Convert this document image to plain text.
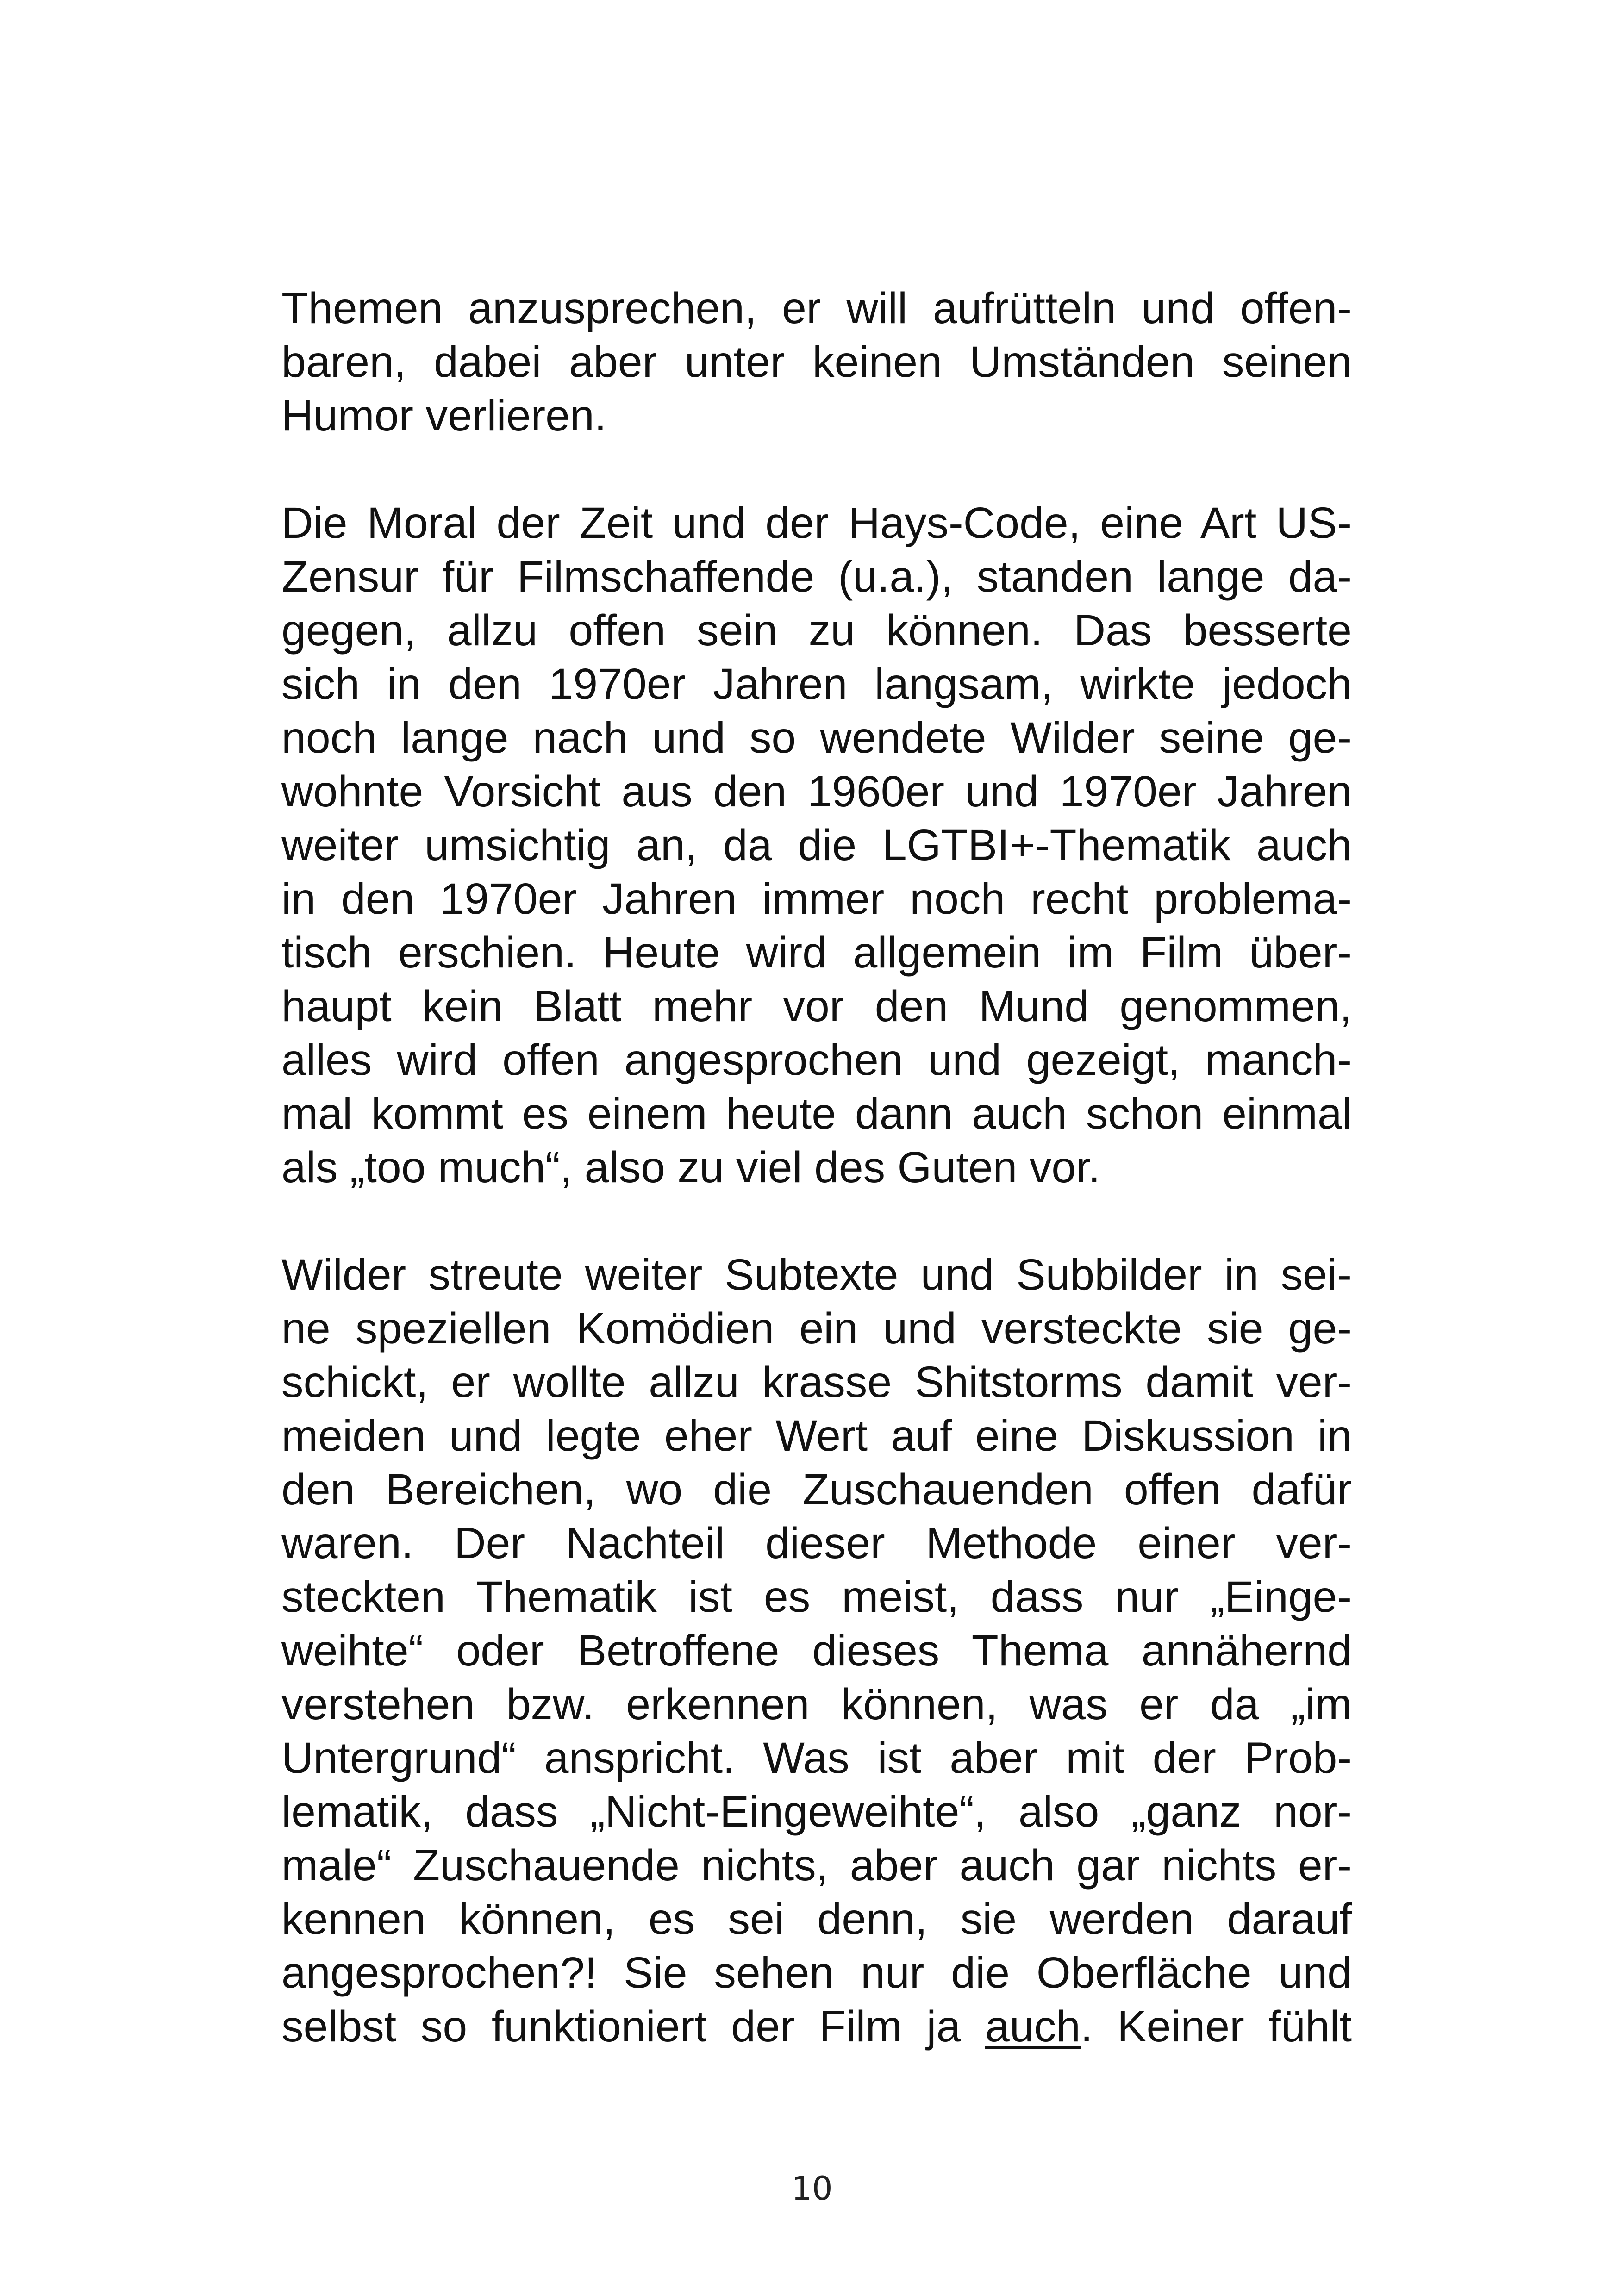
Themen anzusprechen, er will aufrütteln und offen-
baren, dabei aber unter keinen Umständen seinen
Humor verlieren.
Die Moral der Zeit und der Hays-Code, eine Art US-
Zensur für Filmschaffende (u.a.), standen lange da-
gegen, allzu offen sein zu können. Das besserte
sich in den 1970er Jahren langsam, wirkte jedoch
noch lange nach und so wendete Wilder seine ge-
wohnte Vorsicht aus den 1960er und 1970er Jahren
weiter umsichtig an, da die LGTBI+-Thematik auch
in den 1970er Jahren immer noch recht problema-
tisch erschien. Heute wird allgemein im Film über-
haupt kein Blatt mehr vor den Mund genommen,
alles wird offen angesprochen und gezeigt, manch-
mal kommt es einem heute dann auch schon einmal
als „too much“, also zu viel des Guten vor.
Wilder streute weiter Subtexte und Subbilder in sei-
ne speziellen Komödien ein und versteckte sie ge-
schickt, er wollte allzu krasse Shitstorms damit ver-
meiden und legte eher Wert auf eine Diskussion in
den Bereichen, wo die Zuschauenden offen dafür
waren. Der Nachteil dieser Methode einer ver-
steckten Thematik ist es meist, dass nur „Einge-
weihte“ oder Betroffene dieses Thema annähernd
verstehen bzw. erkennen können, was er da „im
Untergrund“ anspricht. Was ist aber mit der Prob-
lematik, dass „Nicht-Eingeweihte“, also „ganz nor-
male“ Zuschauende nichts, aber auch gar nichts er-
kennen können, es sei denn, sie werden darauf
angesprochen?! Sie sehen nur die Oberfläche und
selbst so funktioniert der Film ja auch. Keiner fühlt
10
